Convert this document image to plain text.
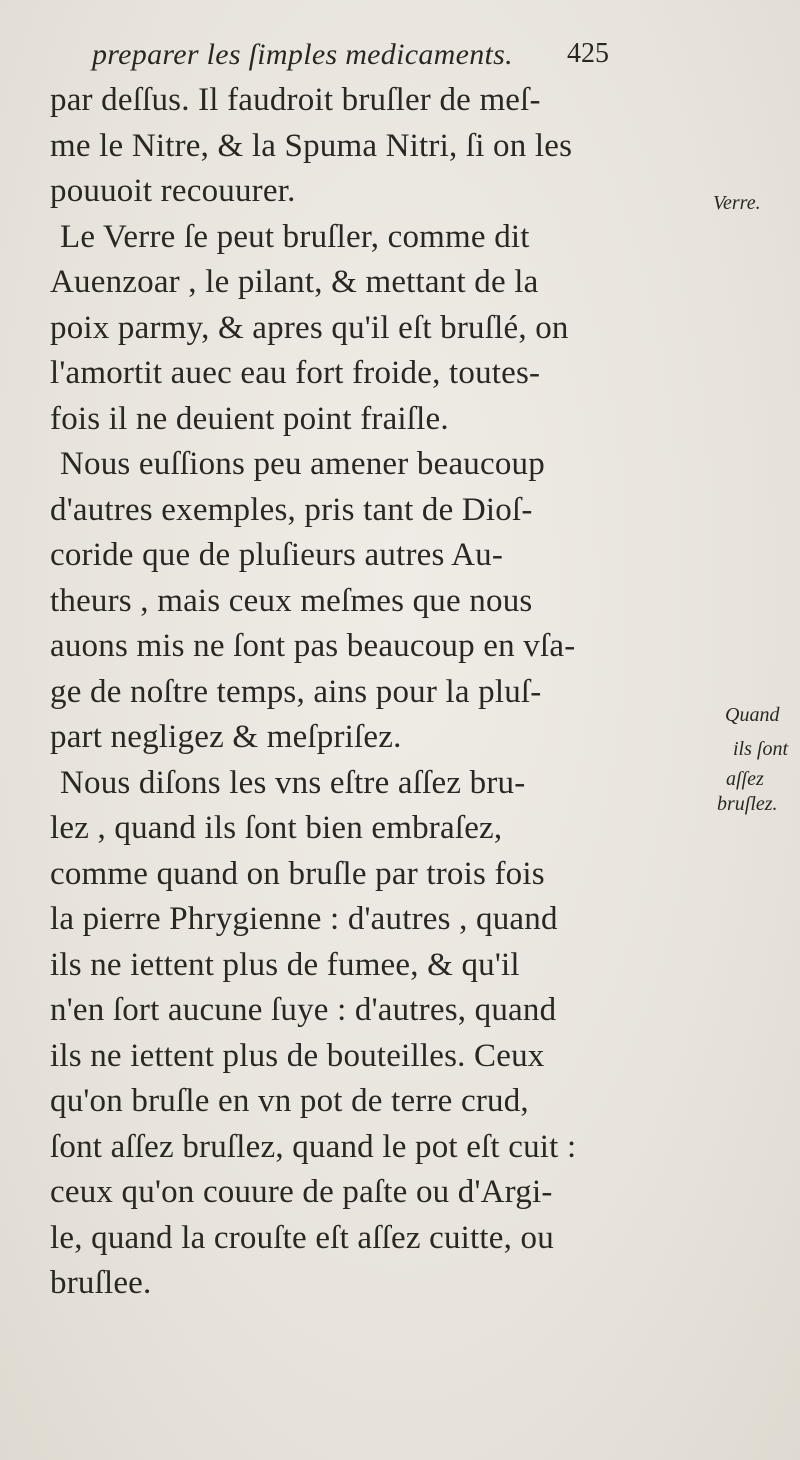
preparer les ſimples medicaments. 425
par deſſus. Il faudroit bruſler de meſ-
me le Nitre, & la Spuma Nitri, ſi on les
pouuoit recouurer.
Le Verre ſe peut bruſler, comme dit
Auenzoar , le pilant, & mettant de la
poix parmy, & apres qu'il eſt bruſlé, on
l'amortit auec eau fort froide, toutes-
fois il ne deuient point fraiſle.
Nous euſſions peu amener beaucoup
d'autres exemples, pris tant de Dioſ-
coride que de pluſieurs autres Au-
theurs , mais ceux meſmes que nous
auons mis ne ſont pas beaucoup en vſa-
ge de noſtre temps, ains pour la pluſ-
part negligez & meſpriſez.
Nous diſons les vns eſtre aſſez bru-
lez , quand ils ſont bien embraſez,
comme quand on bruſle par trois fois
la pierre Phrygienne : d'autres , quand
ils ne iettent plus de fumee, & qu'il
n'en ſort aucune ſuye : d'autres, quand
ils ne iettent plus de bouteilles. Ceux
qu'on bruſle en vn pot de terre crud,
ſont aſſez bruſlez, quand le pot eſt cuit :
ceux qu'on couure de paſte ou d'Argi-
le, quand la crouſte eſt aſſez cuitte, ou
bruſlee.
Verre.
Quand
ils ſont
aſſez
bruſlez.
